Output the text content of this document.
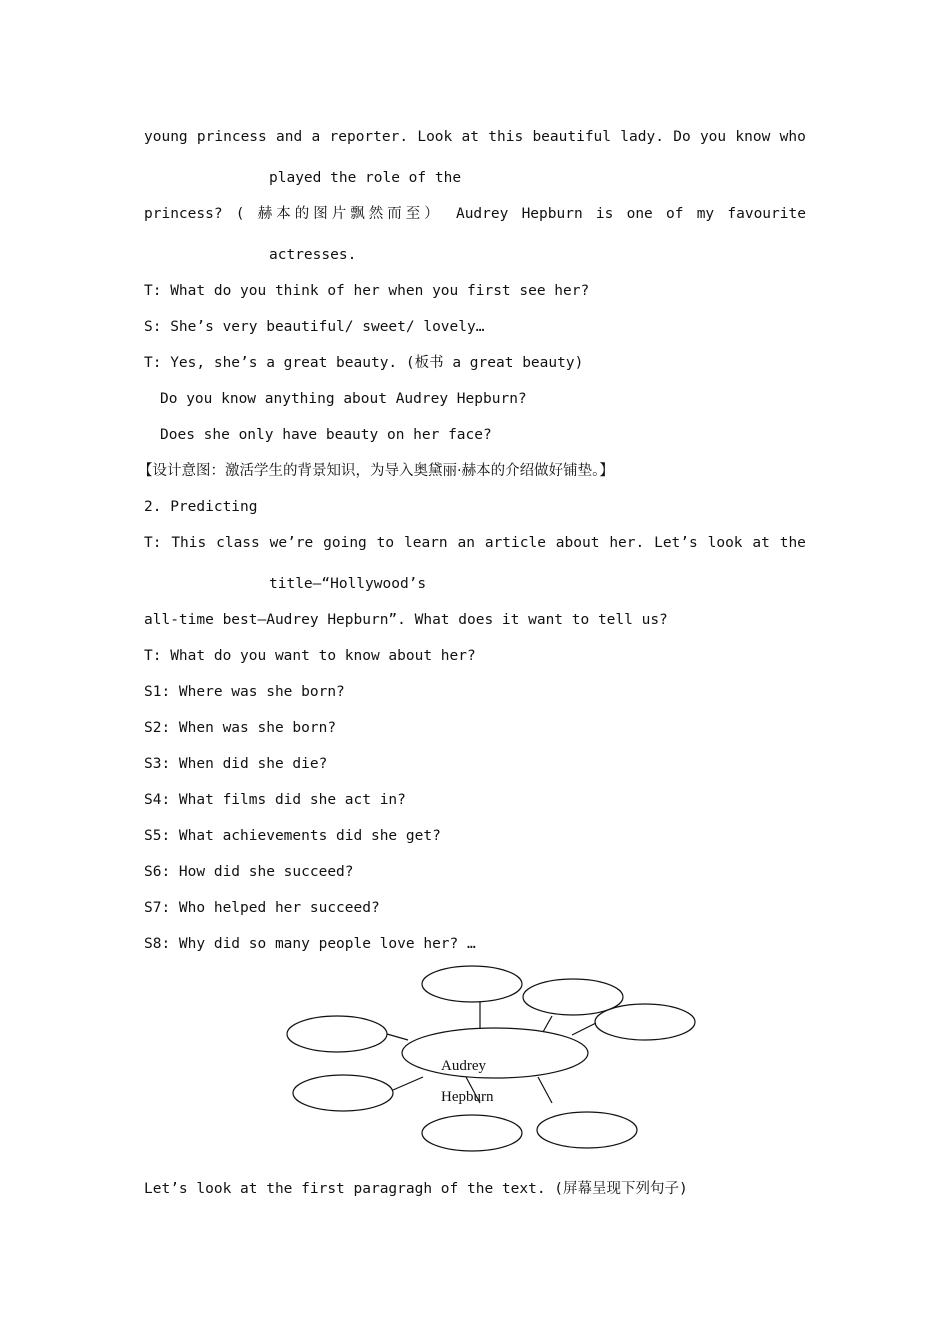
young princess and a reporter. Look at this beautiful lady. Do you know who
played the role of the
princess? ( 赫本的图片飘然而至） Audrey Hepburn is one of my favourite
actresses.
T: What do you think of her when you first see her?
S: She’s very beautiful/ sweet/ lovely…
T: Yes, she’s a great beauty. (板书 a great beauty)
Do you know anything about Audrey Hepburn?
Does she only have beauty on her face?
【设计意图：激活学生的背景知识，为导入奥黛丽·赫本的介绍做好铺垫。】
2. Predicting
T: This class we’re going to learn an article about her. Let’s look at the
title—“Hollywood’s
all-time best—Audrey Hepburn”. What does it want to tell us?
T: What do you want to know about her?
S1: Where was she born?
S2: When was she born?
S3: When did she die?
S4: What films did she act in?
S5: What achievements did she get?
S6: How did she succeed?
S7: Who helped her succeed?
S8: Why did so many people love her? …
Audrey
Hepburn
Let’s look at the first paragragh of the text. (屏幕呈现下列句子)
